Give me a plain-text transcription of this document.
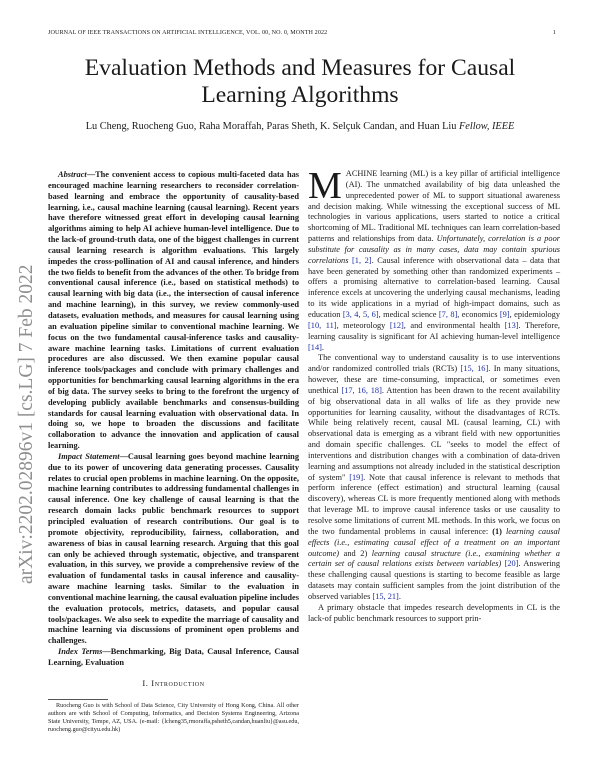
JOURNAL OF IEEE TRANSACTIONS ON ARTIFICIAL INTELLIGENCE, VOL. 00, NO. 0, MONTH 2022	1
arXiv:2202.02896v1 [cs.LG] 7 Feb 2022
Evaluation Methods and Measures for Causal Learning Algorithms
Lu Cheng, Ruocheng Guo, Raha Moraffah, Paras Sheth, K. Selçuk Candan, and Huan Liu Fellow, IEEE

Abstract—The convenient access to copious multi-faceted data has encouraged machine learning researchers to reconsider correlation-based learning and embrace the opportunity of causality-based learning, i.e., causal machine learning (causal learning). Recent years have therefore witnessed great effort in developing causal learning algorithms aiming to help AI achieve human-level intelligence. Due to the lack-of ground-truth data, one of the biggest challenges in current causal learning research is algorithm evaluations. This largely impedes the cross-pollination of AI and causal inference, and hinders the two fields to benefit from the advances of the other. To bridge from conventional causal inference (i.e., based on statistical methods) to causal learning with big data (i.e., the intersection of causal inference and machine learning), in this survey, we review commonly-used datasets, evaluation methods, and measures for causal learning using an evaluation pipeline similar to conventional machine learning. We focus on the two fundamental causal-inference tasks and causality-aware machine learning tasks. Limitations of current evaluation procedures are also discussed. We then examine popular causal inference tools/packages and conclude with primary challenges and opportunities for benchmarking causal learning algorithms in the era of big data. The survey seeks to bring to the forefront the urgency of developing publicly available benchmarks and consensus-building standards for causal learning evaluation with observational data. In doing so, we hope to broaden the discussions and facilitate collaboration to advance the innovation and application of causal learning.

Impact Statement—Causal learning goes beyond machine learning due to its power of uncovering data generating processes. Causality relates to crucial open problems in machine learning. On the opposite, machine learning contributes to addressing fundamental challenges in causal inference. One key challenge of causal learning is that the research domain lacks public benchmark resources to support principled evaluation of research contributions. Our goal is to promote objectivity, reproducibility, fairness, collaboration, and awareness of bias in causal learning research. Arguing that this goal can only be achieved through systematic, objective, and transparent evaluation, in this survey, we provide a comprehensive review of the evaluation of fundamental tasks in causal inference and causality-aware machine learning tasks. Similar to the evaluation in conventional machine learning, the causal evaluation pipeline includes the evaluation protocols, metrics, datasets, and popular causal tools/packages. We also seek to expedite the marriage of causality and machine learning via discussions of prominent open problems and challenges.

Index Terms—Benchmarking, Big Data, Causal Inference, Causal Learning, Evaluation

I. Introduction

Ruocheng Guo is with School of Data Science, City University of Hong Kong, China. All other authors are with School of Computing, Informatics, and Decision Systems Engineering, Arizona State University, Tempe, AZ, USA. (e-mail: {lcheng35,rmoraffa,psheth5,candan,huanliu}@asu.edu, ruocheng.guo@cityu.edu.hk)

MACHINE learning (ML) is a key pillar of artificial intelligence (AI). The unmatched availability of big data unleashed the unprecedented power of ML to support situational awareness and decision making. While witnessing the exceptional success of ML technologies in various applications, users started to notice a critical shortcoming of ML. Traditional ML techniques can learn correlation-based patterns and relationships from data. Unfortunately, correlation is a poor substitute for causality as in many cases, data may contain spurious correlations [1, 2]. Causal inference with observational data – data that have been generated by something other than randomized experiments – offers a promising alternative to correlation-based learning. Causal inference excels at uncovering the underlying causal mechanisms, leading to its wide applications in a myriad of high-impact domains, such as education [3, 4, 5, 6], medical science [7, 8], economics [9], epidemiology [10, 11], meteorology [12], and environmental health [13]. Therefore, learning causality is significant for AI achieving human-level intelligence [14].

The conventional way to understand causality is to use interventions and/or randomized controlled trials (RCTs) [15, 16]. In many situations, however, these are time-consuming, impractical, or sometimes even unethical [17, 16, 18]. Attention has been drawn to the recent availability of big observational data in all walks of life as they provide new opportunities for learning causality, without the disadvantages of RCTs. While being relatively recent, causal ML (causal learning, CL) with observational data is emerging as a vibrant field with new opportunities and domain specific challenges. CL "seeks to model the effect of interventions and distribution changes with a combination of data-driven learning and assumptions not already included in the statistical description of system" [19]. Note that causal inference is relevant to methods that perform inference (effect estimation) and structural learning (causal discovery), whereas CL is more frequently mentioned along with methods that leverage ML to improve causal inference tasks or use causality to resolve some limitations of current ML methods. In this work, we focus on the two fundamental problems in causal inference: (1) learning causal effects (i.e., estimating causal effect of a treatment on an important outcome) and 2) learning causal structure (i.e., examining whether a certain set of causal relations exists between variables) [20]. Answering these challenging causal questions is starting to become feasible as large datasets may contain sufficient samples from the joint distribution of the observed variables [15, 21].

A primary obstacle that impedes research developments in CL is the lack-of public benchmark resources to support prin-
